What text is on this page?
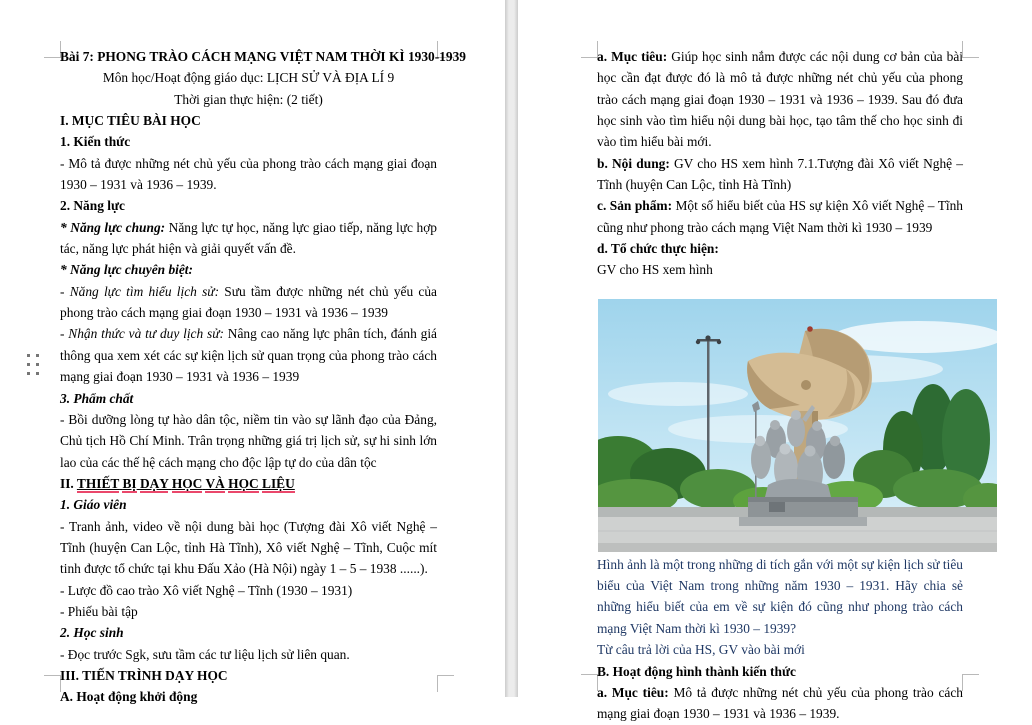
Bài 7: PHONG TRÀO CÁCH MẠNG VIỆT NAM THỜI KÌ 1930-1939

Môn học/Hoạt động giáo dục: LỊCH SỬ VÀ ĐỊA LÍ 9

Thời gian thực hiện: (2 tiết)

I. MỤC TIÊU BÀI HỌC

1. Kiến thức

- Mô tả được những nét chủ yếu của phong trào cách mạng giai đoạn 1930 – 1931 và 1936 – 1939.

2. Năng lực

* Năng lực chung: Năng lực tự học, năng lực giao tiếp, năng lực hợp tác, năng lực phát hiện và giải quyết vấn đề.

* Năng lực chuyên biệt:

- Năng lực tìm hiểu lịch sử: Sưu tầm được những nét chủ yếu của phong trào cách mạng giai đoạn 1930 – 1931 và 1936 – 1939

- Nhận thức và tư duy lịch sử: Nâng cao năng lực phân tích, đánh giá thông qua xem xét các sự kiện lịch sử quan trọng của phong trào cách mạng giai đoạn 1930 – 1931 và 1936 – 1939

3. Phẩm chất

- Bồi dưỡng lòng tự hào dân tộc, niềm tin vào sự lãnh đạo của Đảng, Chủ tịch Hồ Chí Minh. Trân trọng những giá trị lịch sử, sự hi sinh lớn lao của các thế hệ cách mạng cho độc lập tự do của dân tộc

II. THIẾT BỊ DẠY HỌC VÀ HỌC LIỆU

1. Giáo viên

- Tranh ảnh, video về nội dung bài học (Tượng đài Xô viết Nghệ – Tĩnh (huyện Can Lộc, tỉnh Hà Tĩnh), Xô viết Nghệ – Tĩnh, Cuộc mít tinh được tổ chức tại khu Đấu Xảo (Hà Nội) ngày 1 – 5 – 1938 ......).

- Lược đồ cao trào Xô viết Nghệ – Tĩnh (1930 – 1931)

- Phiếu bài tập

2. Học sinh

- Đọc trước Sgk, sưu tầm các tư liệu lịch sử liên quan.

III. TIẾN TRÌNH DẠY HỌC

A. Hoạt động khởi động

a. Mục tiêu: Giúp học sinh nắm được các nội dung cơ bản của bài học cần đạt được đó là mô tả được những nét chủ yếu của phong trào cách mạng giai đoạn 1930 – 1931 và 1936 – 1939. Sau đó đưa học sinh vào tìm hiểu nội dung bài học, tạo tâm thế cho học sinh đi vào tìm hiểu bài mới.

b. Nội dung: GV cho HS xem hình 7.1.Tượng đài Xô viết Nghệ – Tĩnh (huyện Can Lộc, tỉnh Hà Tĩnh)

c. Sản phẩm: Một số hiểu biết của HS sự kiện Xô viết Nghệ – Tĩnh cũng như phong trào cách mạng Việt Nam thời kì 1930 – 1939

d. Tổ chức thực hiện:

GV cho HS xem hình

Hình ảnh là một trong những di tích gắn với một sự kiện lịch sử tiêu biểu của Việt Nam trong những năm 1930 – 1931. Hãy chia sẻ những hiểu biết của em về sự kiện đó cũng như phong trào cách mạng Việt Nam thời kì 1930 – 1939?

Từ câu trả lời của HS, GV vào bài mới

B. Hoạt động hình thành kiến thức

a. Mục tiêu: Mô tả được những nét chủ yếu của phong trào cách mạng giai đoạn 1930 – 1931 và 1936 – 1939.
